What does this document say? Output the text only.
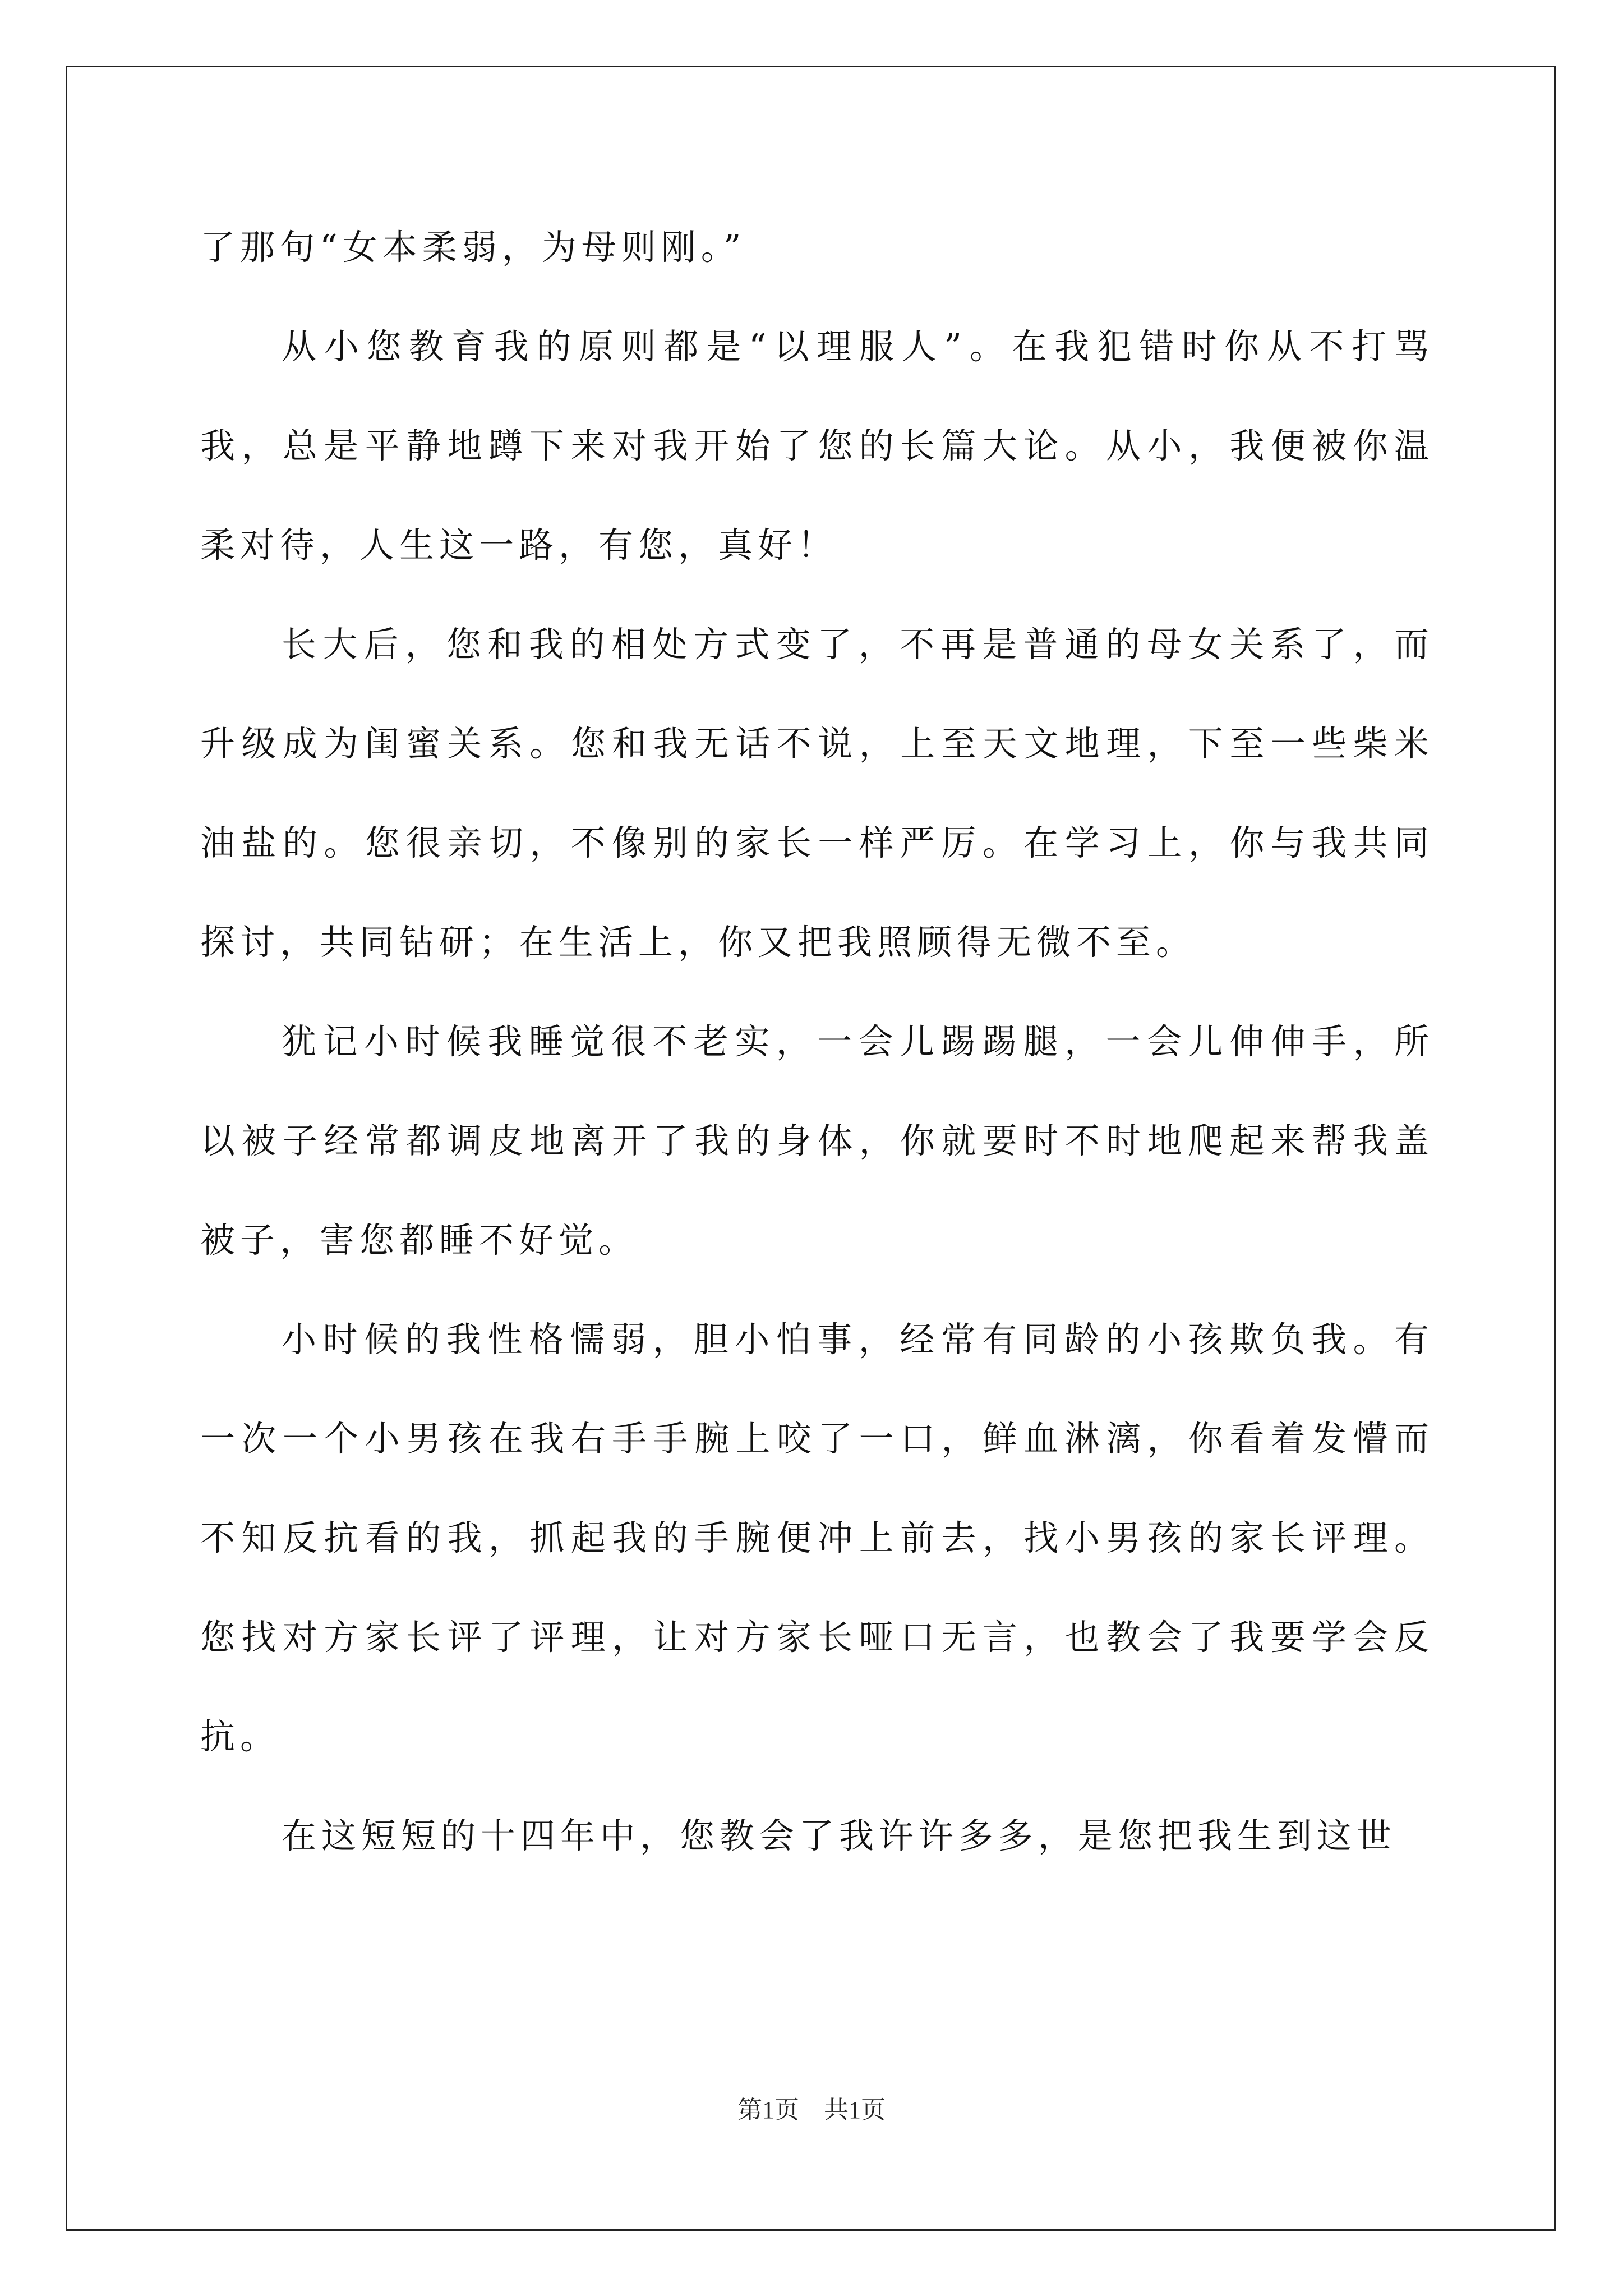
了那句“女本柔弱，为母则刚。”

从小您教育我的原则都是“以理服人”。在我犯错时你从不打骂我，总是平静地蹲下来对我开始了您的长篇大论。从小，我便被你温柔对待，人生这一路，有您，真好！

长大后，您和我的相处方式变了，不再是普通的母女关系了，而升级成为闺蜜关系。您和我无话不说，上至天文地理，下至一些柴米油盐的。您很亲切，不像别的家长一样严厉。在学习上，你与我共同探讨，共同钻研；在生活上，你又把我照顾得无微不至。

犹记小时候我睡觉很不老实，一会儿踢踢腿，一会儿伸伸手，所以被子经常都调皮地离开了我的身体，你就要时不时地爬起来帮我盖被子，害您都睡不好觉。

小时候的我性格懦弱，胆小怕事，经常有同龄的小孩欺负我。有一次一个小男孩在我右手手腕上咬了一口，鲜血淋漓，你看着发懵而不知反抗看的我，抓起我的手腕便冲上前去，找小男孩的家长评理。您找对方家长评了评理，让对方家长哑口无言，也教会了我要学会反抗。

在这短短的十四年中，您教会了我许许多多，是您把我生到这世

第1页　共1页
